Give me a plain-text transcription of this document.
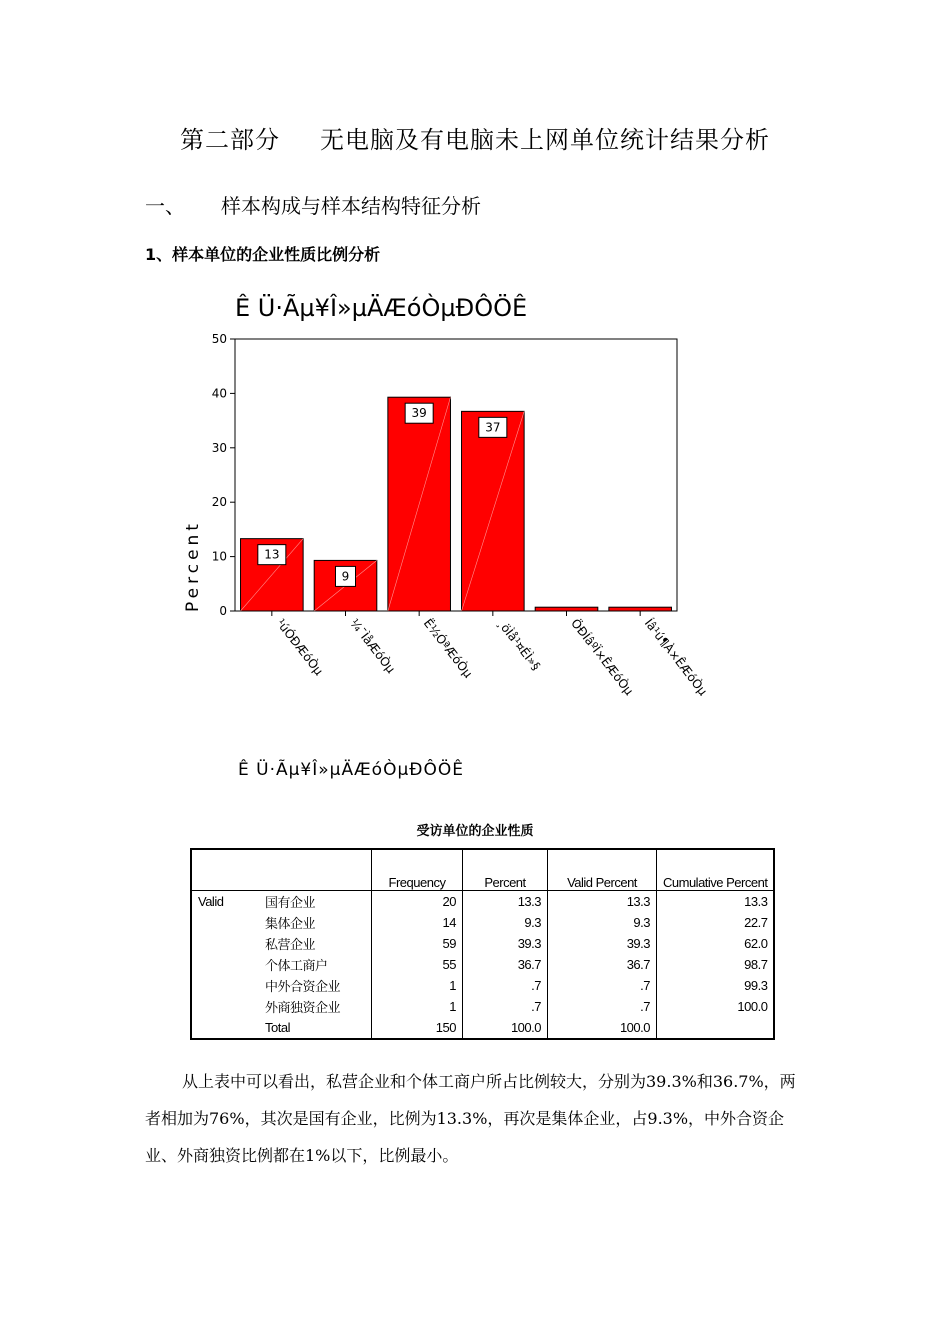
第二部分 无电脑及有电脑未上网单位统计结果分析
一、 样本构成与样本结构特征分析
1、样本单位的企业性质比例分析
Ê Ü·Ãµ¥Î»µÄÆóÒµÐÔÖÊ
Percent 0
10
20
30
40
50
¹úÓÐÆóÒµ
13
¼¯ÌåÆóÒµ
9
Ë½ÓªÆóÒµ
39
¸öÌå¹¤ÉÌ»§
37
ÖÐÍâºÏ×ÊÆóÒµ Íâ¹ú¶À×ÊÆóÒµ
Ê Ü·Ãµ¥Î»µÄÆóÒµÐÔÖÊ
受访单位的企业性质
		Frequency	Percent	Valid Percent	Cumulative Percent
Valid	国有企业	20	13.3	13.3	13.3
	集体企业	14	9.3	9.3	22.7
	私营企业	59	39.3	39.3	62.0
	个体工商户	55	36.7	36.7	98.7
	中外合资企业	1	.7	.7	99.3
	外商独资企业	1	.7	.7	100.0
	Total	150	100.0	100.0	
从上表中可以看出，私营企业和个体工商户所占比例较大，分别为39.3%和36.7%，两者相加为76%，其次是国有企业，比例为13.3%，再次是集体企业，占9.3%，中外合资企业、外商独资比例都在1%以下，比例最小。
